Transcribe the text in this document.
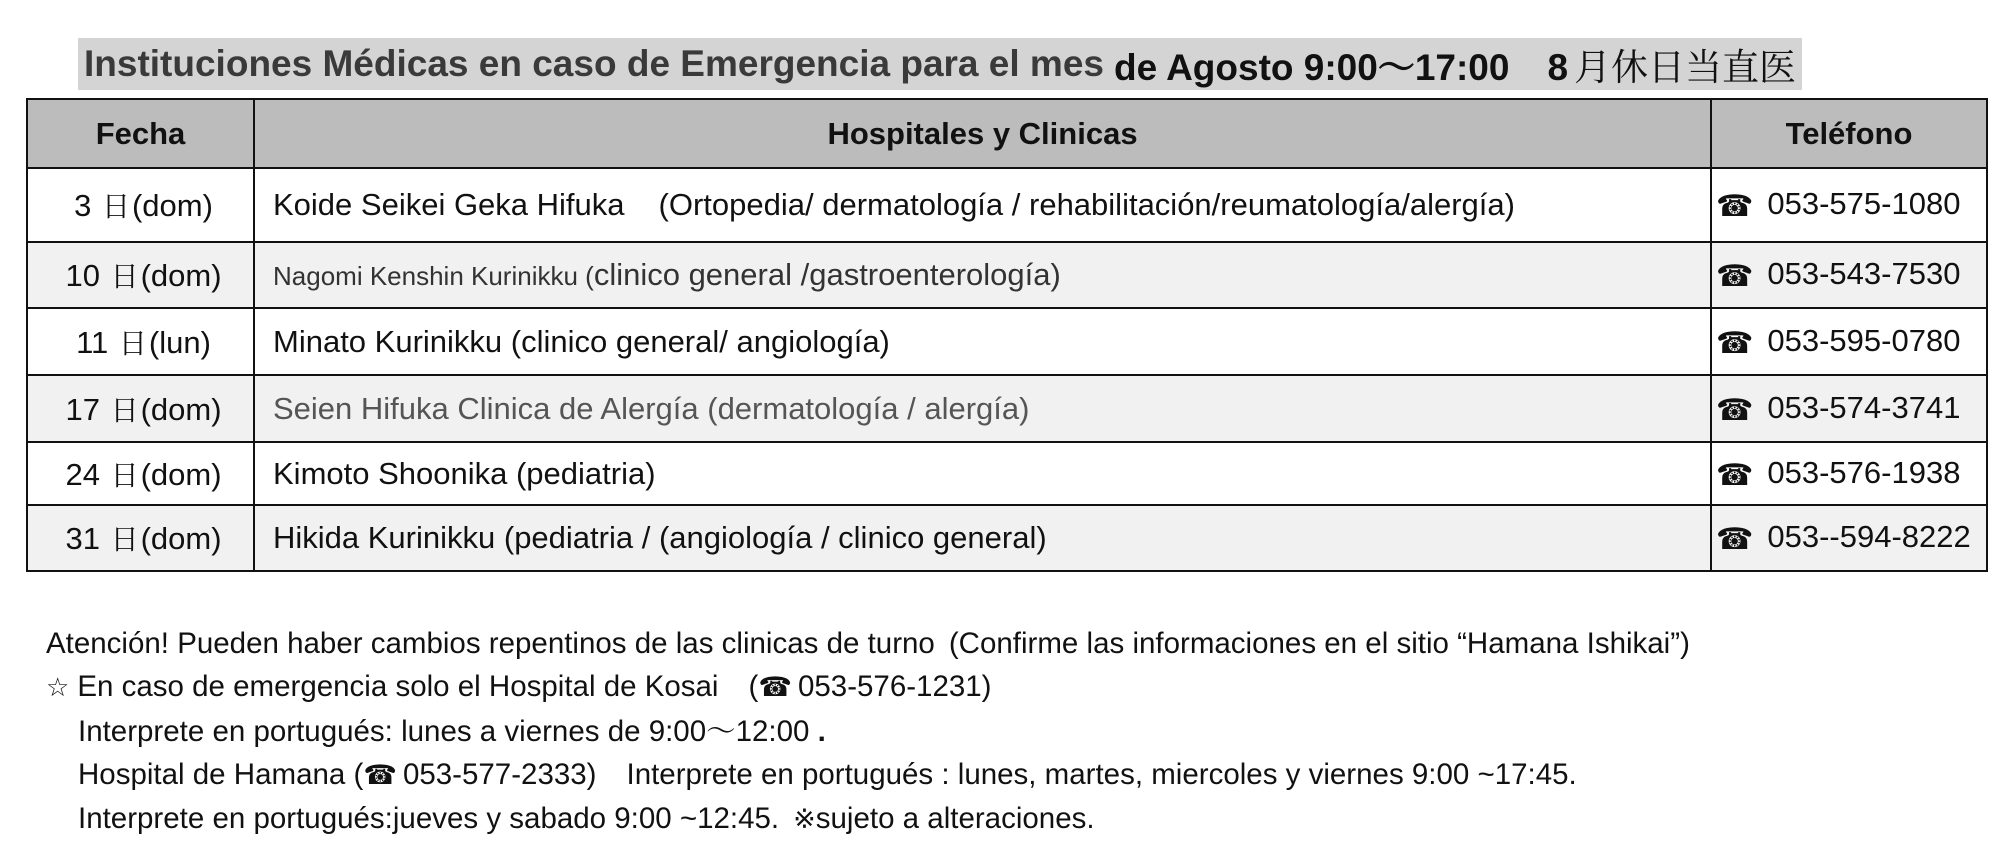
Instituciones Médicas en caso de Emergencia para el mes de Agosto 9:00〜17:00 8 月休日当直医
Fecha	Hospitales y Clinicas	Teléfono
3 日(dom)	Koide Seikei Geka Hifuka (Ortopedia/ dermatología / rehabilitación/reumatología/alergía)	☎ 053-575-1080
10 日(dom)	Nagomi Kenshin Kurinikku (clinico general /gastroenterología)	☎ 053-543-7530
11 日(lun)	Minato Kurinikku (clinico general/ angiología)	☎ 053-595-0780
17 日(dom)	Seien Hifuka Clinica de Alergía (dermatología / alergía)	☎ 053-574-3741
24 日(dom)	Kimoto Shoonika (pediatria)	☎ 053-576-1938
31 日(dom)	Hikida Kurinikku (pediatria / (angiología / clinico general)	☎ 053--594-8222
Atención! Pueden haber cambios repentinos de las clinicas de turno (Confirme las informaciones en el sitio “Hamana Ishikai”)
☆ En caso de emergencia solo el Hospital de Kosai (☎ 053-576-1231)
Interprete en portugués: lunes a viernes de 9:00〜12:00 .
Hospital de Hamana (☎ 053-577-2333) Interprete en portugués : lunes, martes, miercoles y viernes 9:00 ~17:45.
Interprete en portugués:jueves y sabado 9:00 ~12:45. ※sujeto a alteraciones.
